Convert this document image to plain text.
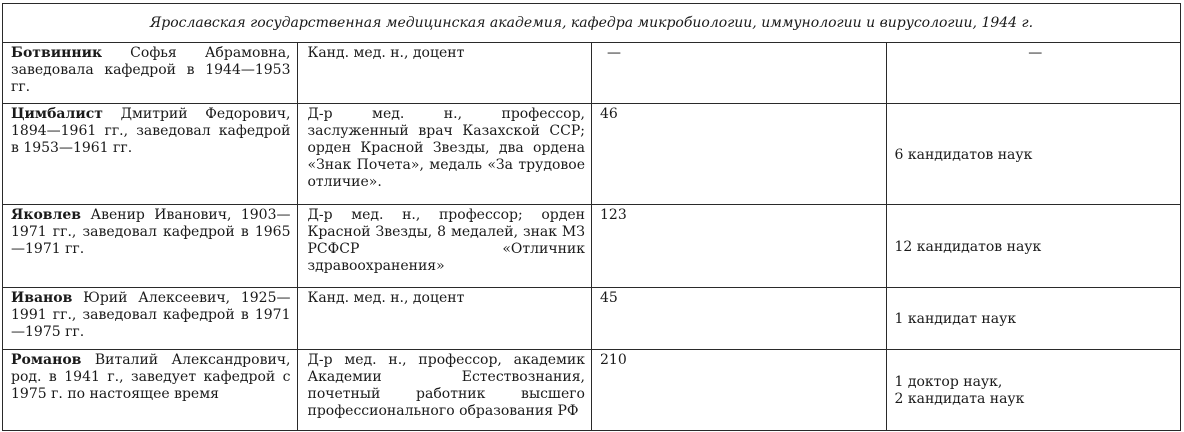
Ярославская государственная медицинская академия, кафедра микробиологии, иммунологии и вирусологии, 1944 г.			
Ботвинник Софья Абрамовна, заведовала кафедрой в 1944—1953 гг.	Канд. мед. н., доцент	—	—

Цимбалист Дмитрий Федорович, 1894—1961 гг., заведовал кафедрой в 1953—1961 гг.	Д-р мед. н., профессор, заслуженный врач Казахской ССР; орден Красной Звезды, два ордена «Знак Почета», медаль «За трудовое отличие».	46	6 кандидатов наук

Яковлев Авенир Иванович, 1903—1971 гг., заведовал кафедрой в 1965—1971 гг.	Д-р мед. н., профессор; орден Красной Звезды, 8 медалей, знак МЗ РСФСР «Отличник здравоохранения»	123	12 кандидатов наук

Иванов Юрий Алексеевич, 1925—1991 гг., заведовал кафедрой в 1971—1975 гг.	Канд. мед. н., доцент	45	1 кандидат наук

Романов Виталий Александрович, род. в 1941 г., заведует кафедрой с 1975 г. по настоящее время	Д-р мед. н., профессор, академик Академии Естествознания, почетный работник высшего профессионального образования РФ	210	1 доктор наук,
2 кандидата наук
